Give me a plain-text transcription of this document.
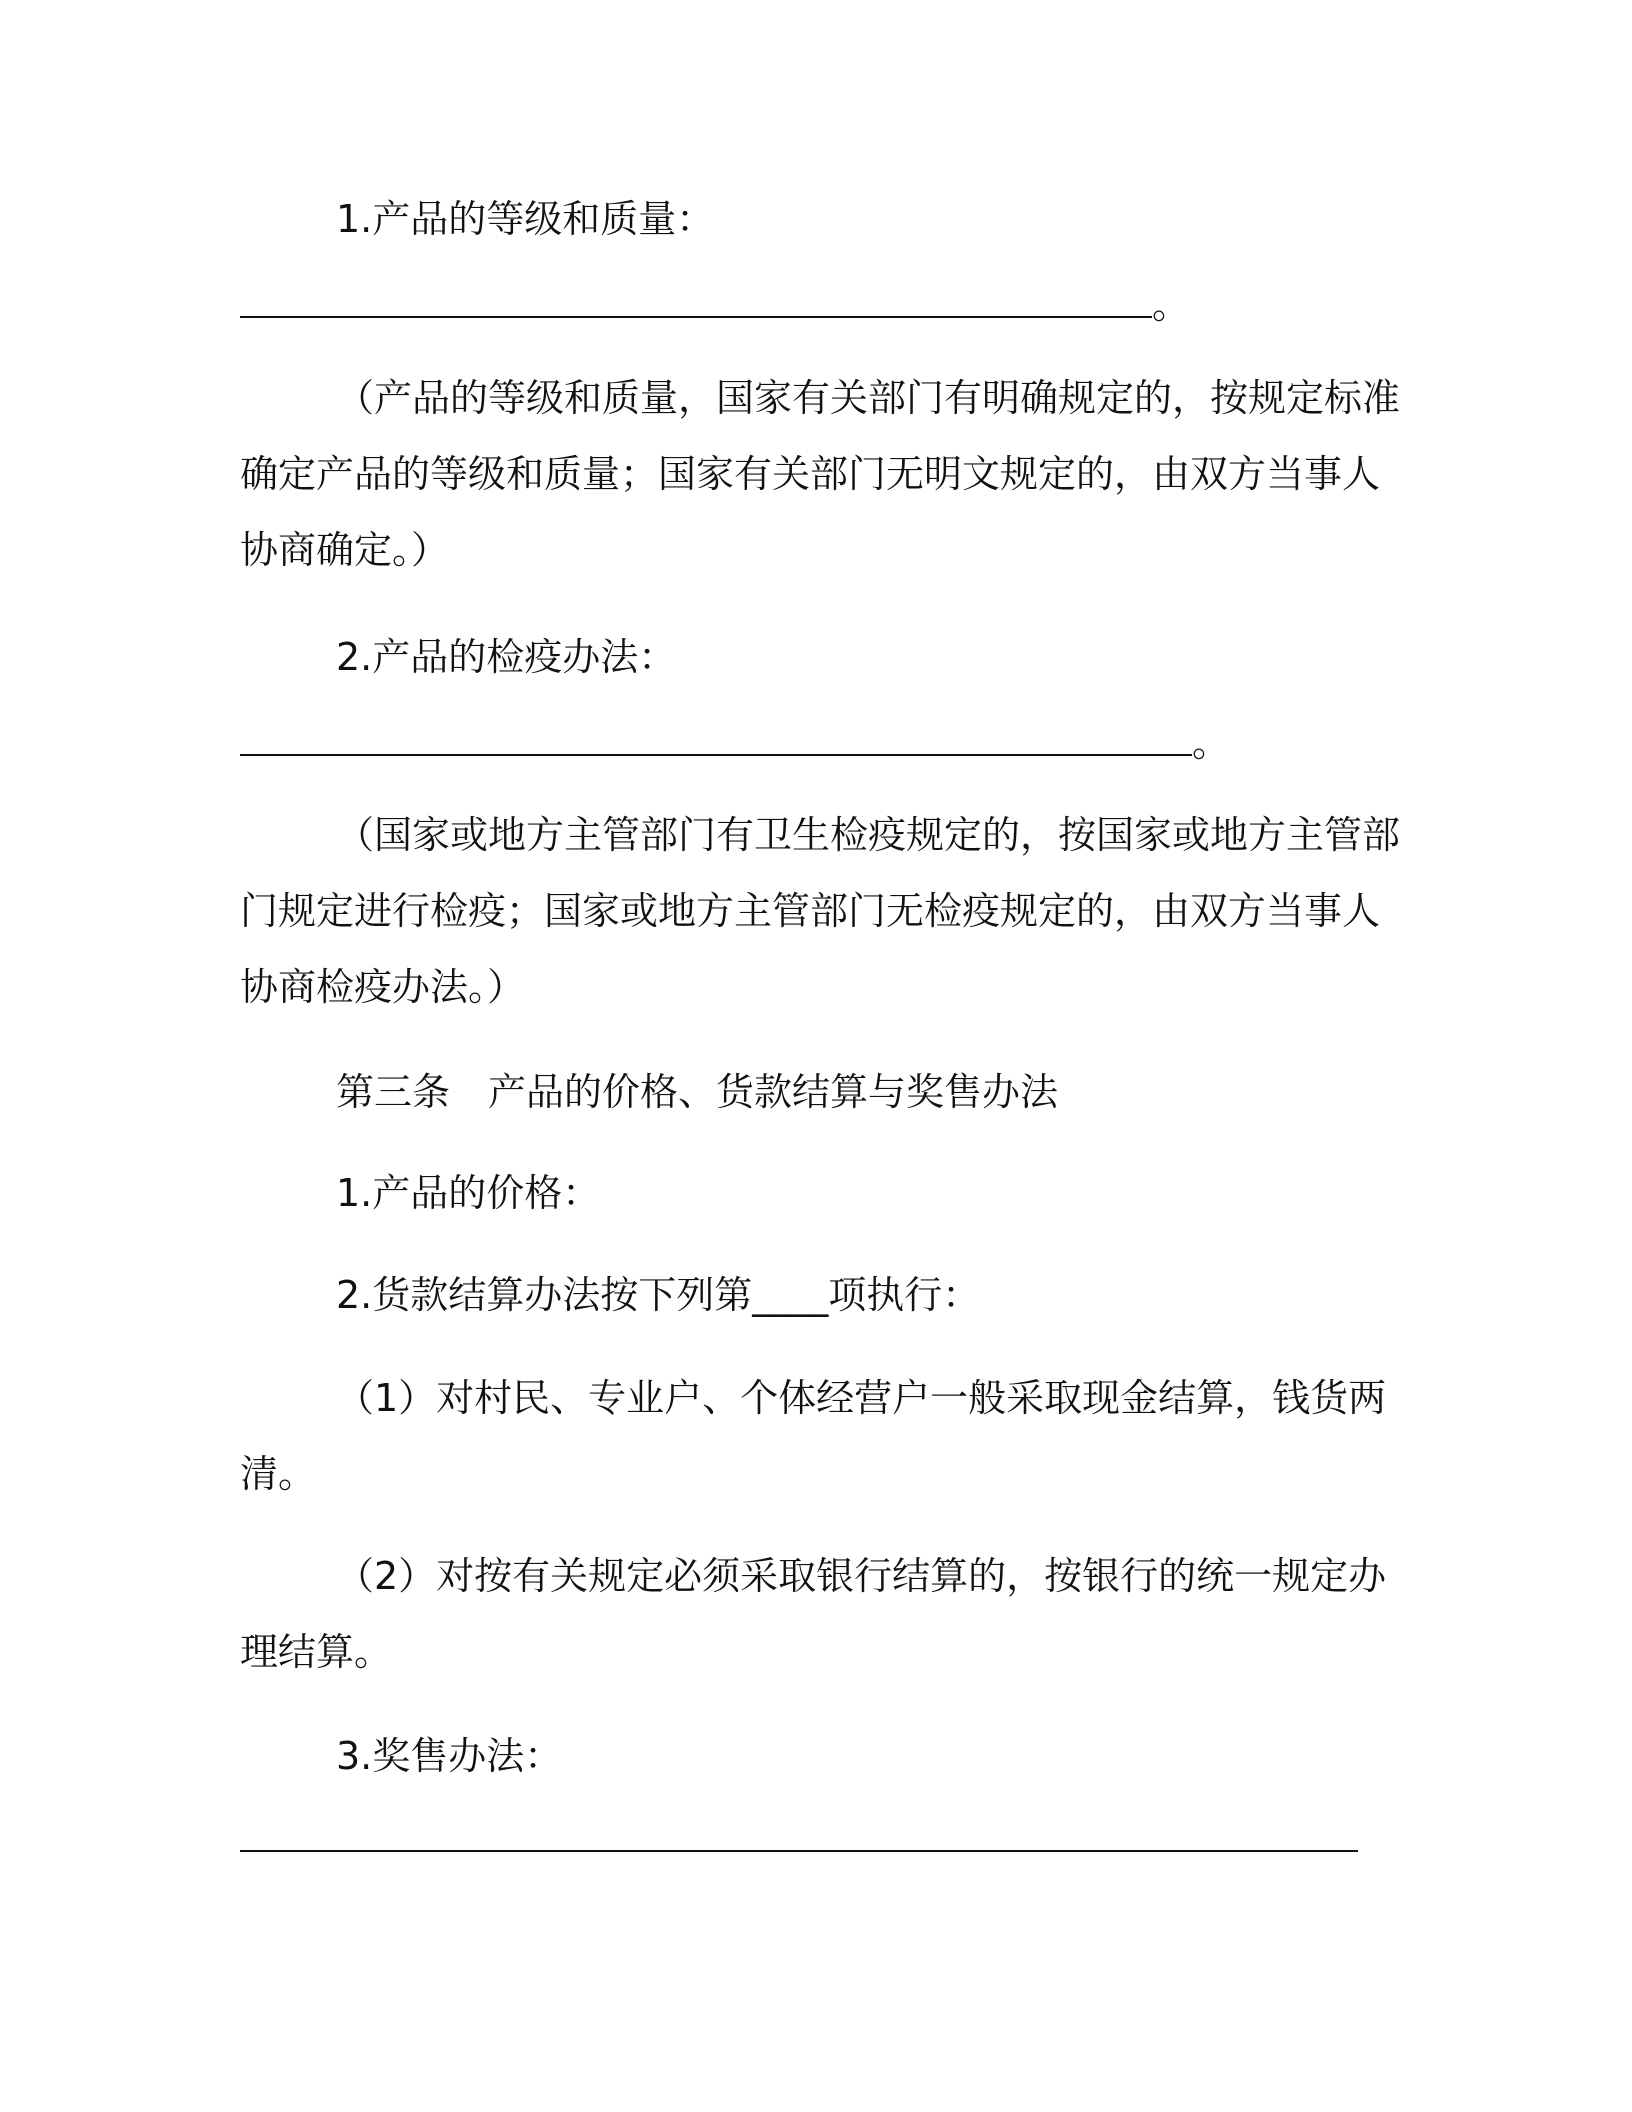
1.产品的等级和质量：

。

（产品的等级和质量，国家有关部门有明确规定的，按规定标准

确定产品的等级和质量；国家有关部门无明文规定的，由双方当事人

协商确定。）

2.产品的检疫办法：

。

（国家或地方主管部门有卫生检疫规定的，按国家或地方主管部

门规定进行检疫；国家或地方主管部门无检疫规定的，由双方当事人

协商检疫办法。）

第三条　产品的价格、货款结算与奖售办法

1.产品的价格：

2.货款结算办法按下列第____项执行：

（1）对村民、专业户、个体经营户一般采取现金结算，钱货两

清。

（2）对按有关规定必须采取银行结算的，按银行的统一规定办

理结算。

3.奖售办法：
